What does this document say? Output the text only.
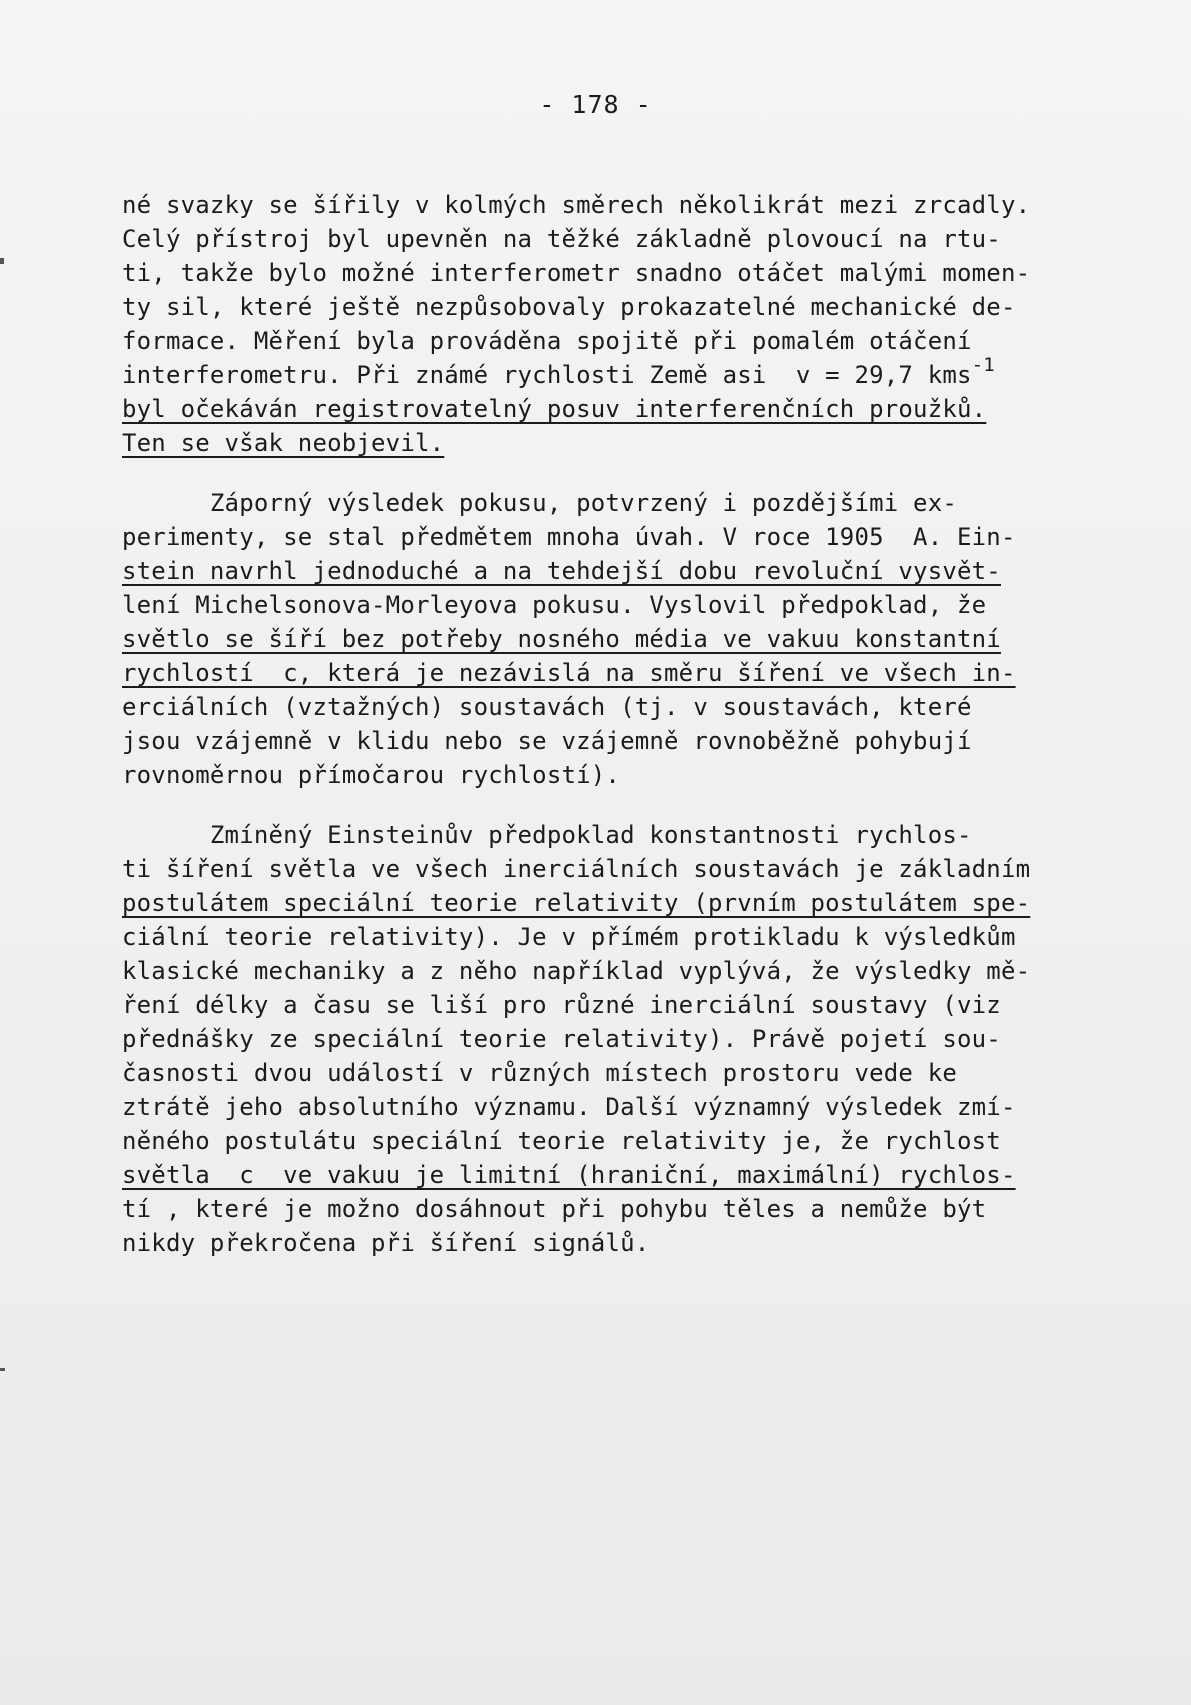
- 178 -
né svazky se šířily v kolmých směrech několikrát mezi zrcadly.
Celý přístroj byl upevněn na těžké základně plovoucí na rtu-
ti, takže bylo možné interferometr snadno otáčet malými momen-
ty sil, které ještě nezpůsobovaly prokazatelné mechanické de-
formace. Měření byla prováděna spojitě při pomalém otáčení
interferometru. Při známé rychlosti Země asi  v = 29,7 kms$^{-1}$
byl očekáván registrovatelný posuv interferenčních proužků.
Ten se však neobjevil.
Záporný výsledek pokusu, potvrzený i pozdějšími ex-
perimenty, se stal předmětem mnoha úvah. V roce 1905  A. Ein-
stein navrhl jednoduché a na tehdejší dobu revoluční vysvět-
lení Michelsonova-Morleyova pokusu. Vyslovil předpoklad, že
světlo se šíří bez potřeby nosného média ve vakuu konstantní
rychlostí  c, která je nezávislá na směru šíření ve všech in-
erciálních (vztažných) soustavách (tj. v soustavách, které
jsou vzájemně v klidu nebo se vzájemně rovnoběžně pohybují
rovnoměrnou přímočarou rychlostí).
Zmíněný Einsteinův předpoklad konstantnosti rychlos-
ti šíření světla ve všech inerciálních soustavách je základním
postulátem speciální teorie relativity (prvním postulátem spe-
ciální teorie relativity). Je v přímém protikladu k výsledkům
klasické mechaniky a z něho například vyplývá, že výsledky mě-
ření délky a času se liší pro různé inerciální soustavy (viz
přednášky ze speciální teorie relativity). Právě pojetí sou-
časnosti dvou událostí v různých místech prostoru vede ke
ztrátě jeho absolutního významu. Další významný výsledek zmí-
něného postulátu speciální teorie relativity je, že rychlost
světla  c  ve vakuu je limitní (hraniční, maximální) rychlos-
tí , které je možno dosáhnout při pohybu těles a nemůže být
nikdy překročena při šíření signálů.
